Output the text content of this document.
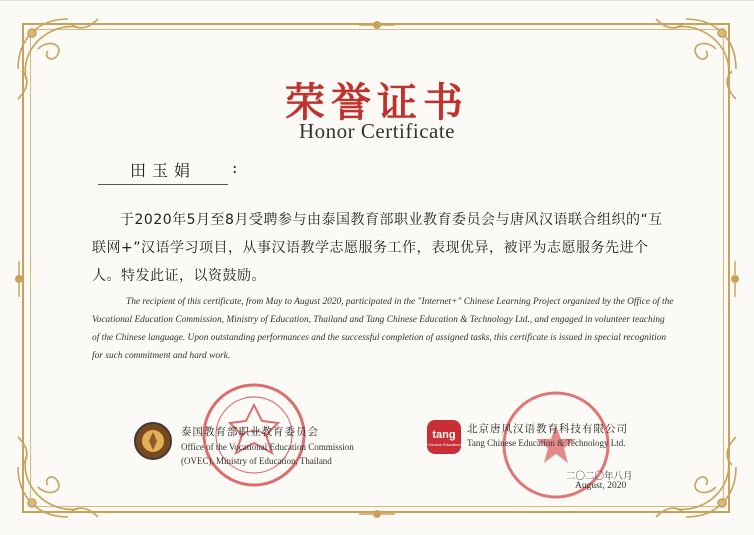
荣誉证书
Honor Certificate
田玉娟	:
于2020年5月至8月受聘参与由泰国教育部职业教育委员会与唐风汉语联合组织的“互联网+”汉语学习项目，从事汉语教学志愿服务工作，表现优异，被评为志愿服务先进个人。特发此证，以资鼓励。
The recipient of this certificate, from May to August 2020, participated in the "Internet+" Chinese Learning Project organized by the Office of the Vocational Education Commission, Ministry of Education, Thailand and Tang Chinese Education & Technology Ltd., and engaged in volunteer teaching of the Chinese language. Upon outstanding performances and the successful completion of assigned tasks, this certificate is issued in special recognition for such commitment and hard work.
泰国教育部职业教育委员会
Office of the Vocational Education Commission
(OVEC), Ministry of Education, Thailand
tang
Chinese Education
北京唐风汉语教育科技有限公司
Tang Chinese Education & Technology Ltd.
二〇二〇年八月
August, 2020
